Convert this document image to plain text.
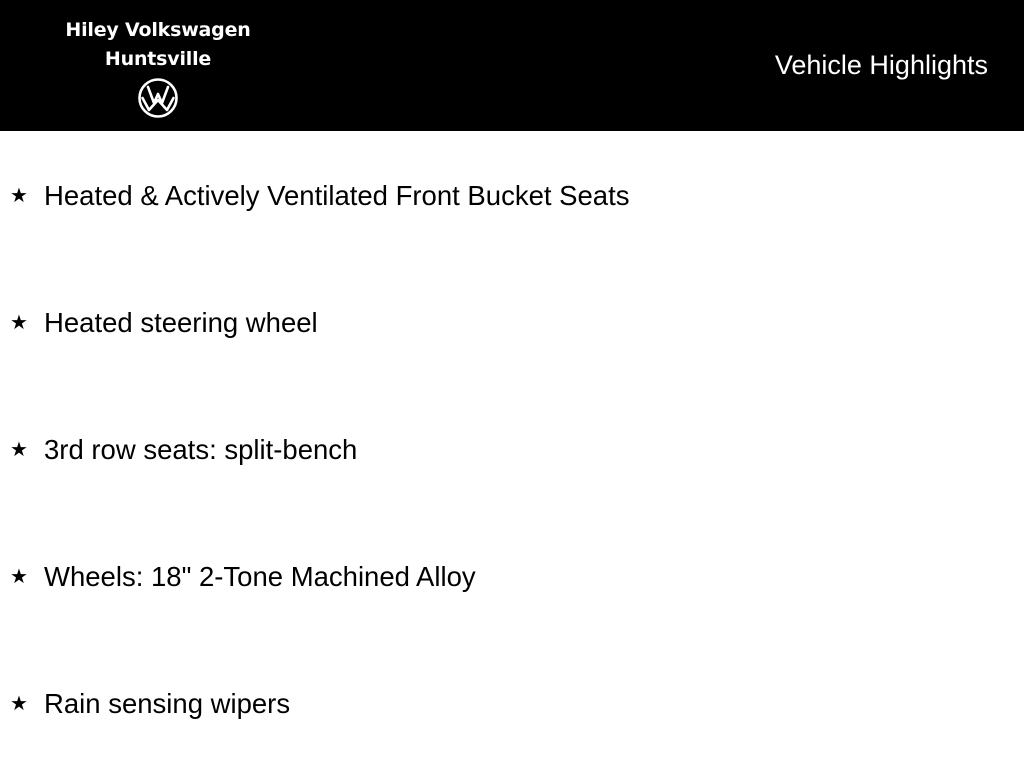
Hiley Volkswagen
Huntsville	Vehicle Highlights
★ Heated & Actively Ventilated Front Bucket Seats
★ Heated steering wheel
★ 3rd row seats: split-bench
★ Wheels: 18" 2-Tone Machined Alloy
★ Rain sensing wipers
